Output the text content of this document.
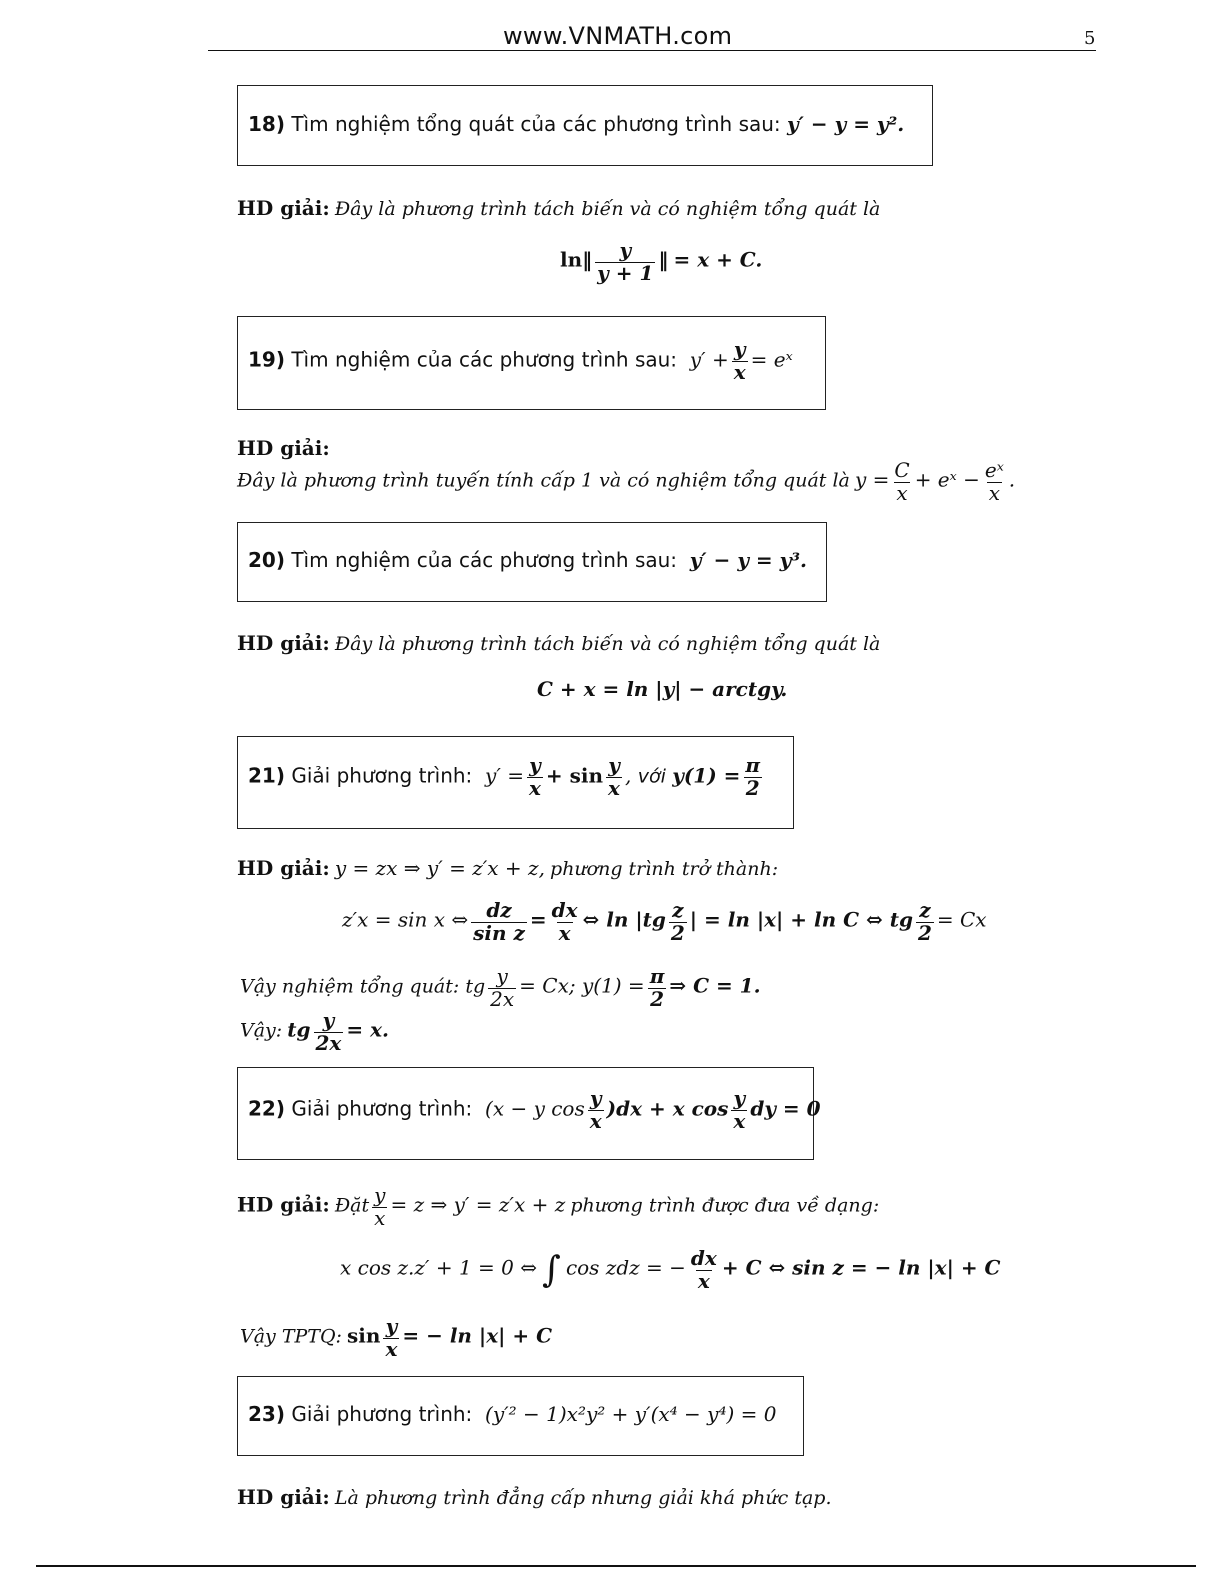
www.VNMATH.com	5
18) Tìm nghiệm tổng quát của các phương trình sau: y′ − y = y².
HD giải: Đây là phương trình tách biến và có nghiệm tổng quát là
ln‖ $\frac{y}{y + 1}$ ‖ = x + C.
19) Tìm nghiệm của các phương trình sau: $y' + \frac{y}{x}$ = eˣ
HD giải:
Đây là phương trình tuyến tính cấp 1 và có nghiệm tổng quát là $y = \frac{C}{x}$ + eˣ − $\frac{\text{eˣ}}{x}$ .
20) Tìm nghiệm của các phương trình sau: y′ − y = y³.
HD giải: Đây là phương trình tách biến và có nghiệm tổng quát là
C + x = ln |y| − arctgy.
21) Giải phương trình: $y' = \frac{y}{x} + \sin \frac{y}{x}$ , với $y(1) = \frac{\pi}{2}$
HD giải: y = zx ⇒ y′ = z′x + z, phương trình trở thành:
z′x = sin x ⇔ $\frac{dz}{\text{sin z}} = \frac{dx}{x}$ ⇔ $\ln |tg \frac{z}{2}$ | = ln |x| + ln C ⇔ tg $\frac{z}{2} = Cx$
Vậy nghiệm tổng quát: tg $\frac{y}{2x} = Cx$; $y(1) = \frac{\pi}{2}$ ⇒ C = 1.
Vậy: tg $\frac{y}{2x} = x$.
22) Giải phương trình: (x − y $\cos \frac{y}{x} )dx + x$ $\cos \frac{y}{x}$ dy = 0
HD giải: Đặt $\frac{y}{x} = z$ ⇒ y′ = z′x + z phương trình được đưa về dạng:
x cos z.z′ + 1 = 0 ⇔ ∫ cos zdz = − $\frac{dx}{x} + C$ ⇔ sin z = − ln |x| + C
Vậy TPTQ: $\sin \frac{y}{x}$ = − ln |x| + C
23) Giải phương trình: (y′² − 1)x²y² + y′(x⁴ − y⁴) = 0
HD giải: Là phương trình đẳng cấp nhưng giải khá phức tạp.
